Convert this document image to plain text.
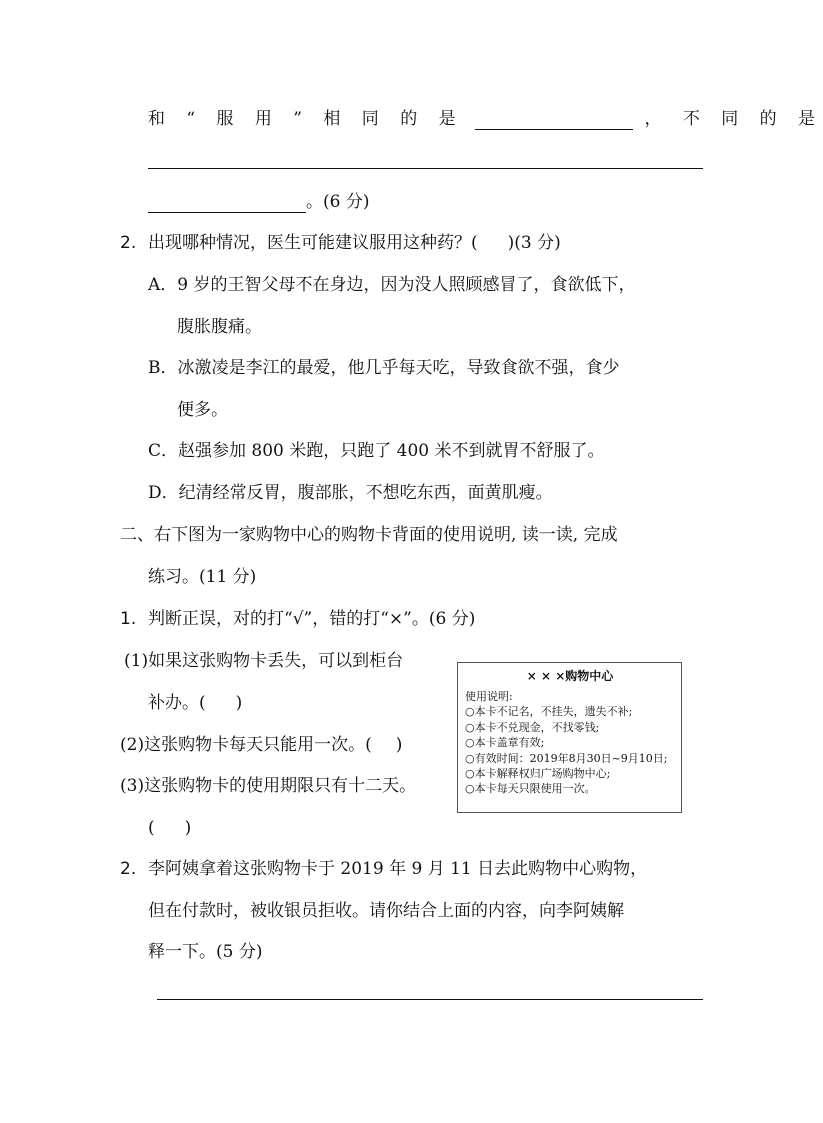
和 “ 服 用 ” 相 同 的 是	， 不 同 的 是
。(6 分)
2. 出现哪种情况，医生可能建议服用这种药？( )(3 分)
A．9 岁的王智父母不在身边，因为没人照顾感冒了，食欲低下，
腹胀腹痛。
B．冰激凌是李江的最爱，他几乎每天吃，导致食欲不强，食少
便多。
C．赵强参加 800 米跑，只跑了 400 米不到就胃不舒服了。
D．纪清经常反胃，腹部胀，不想吃东西，面黄肌瘦。
二、右下图为一家购物中心的购物卡背面的使用说明, 读一读, 完成
练习。(11 分)
1. 判断正误，对的打“√”，错的打“×”。(6 分)
(1)如果这张购物卡丢失，可以到柜台
补办。( )
(2)这张购物卡每天只能用一次。( )
(3)这张购物卡的使用期限只有十二天。
( )
× × ×购物中心
使用说明:
○本卡不记名，不挂失，遗失不补;
○本卡不兑现金，不找零钱;
○本卡盖章有效;
○有效时间：2019年8月30日~9月10日;
○本卡解释权归广场购物中心;
○本卡每天只限使用一次。
2. 李阿姨拿着这张购物卡于 2019 年 9 月 11 日去此购物中心购物，
但在付款时，被收银员拒收。请你结合上面的内容，向李阿姨解
释一下。(5 分)
